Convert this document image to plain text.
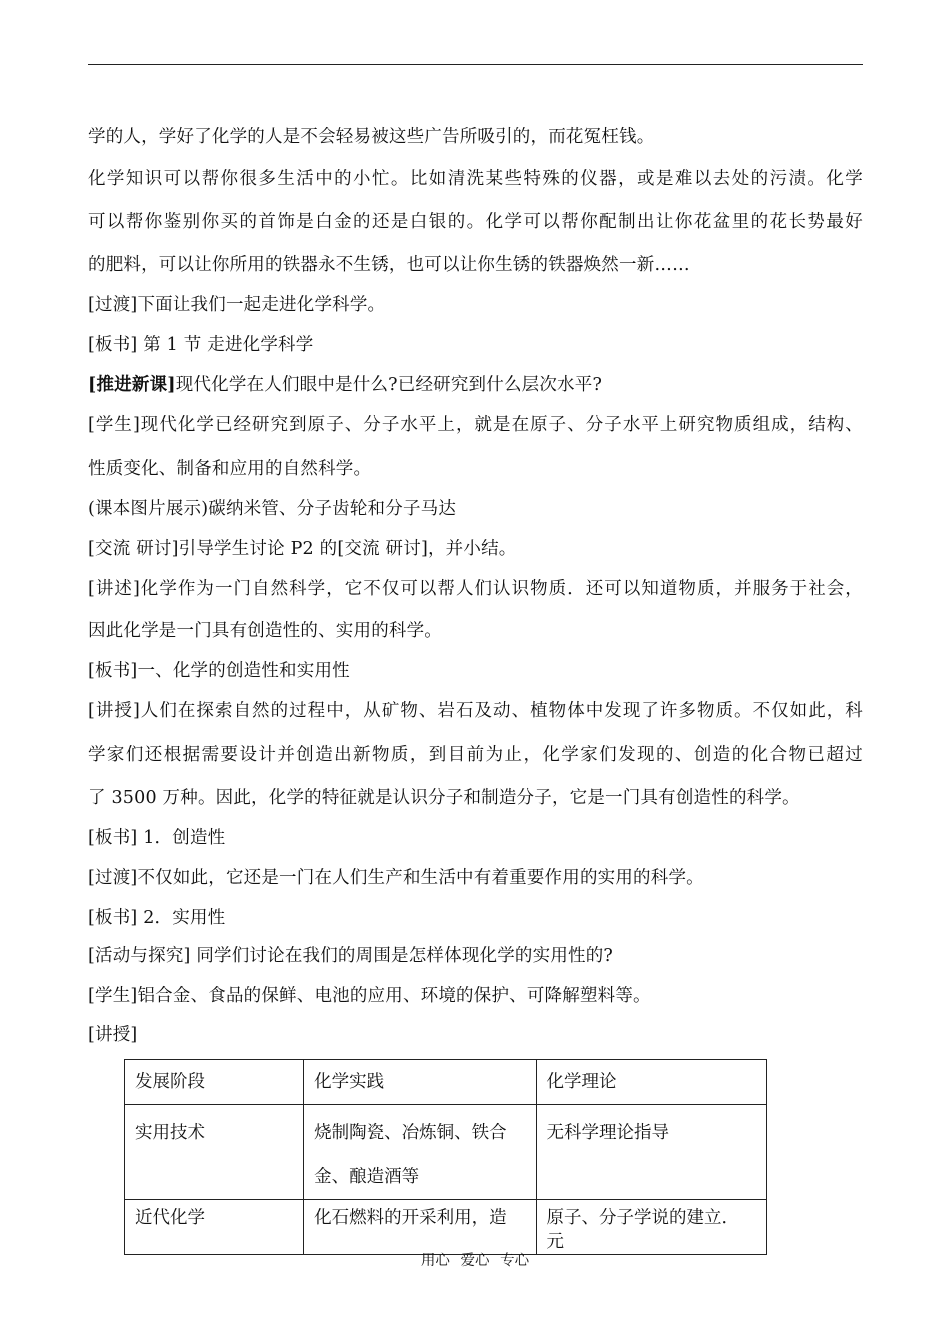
学的人，学好了化学的人是不会轻易被这些广告所吸引的，而花冤枉钱。
化学知识可以帮你很多生活中的小忙。比如清洗某些特殊的仪器，或是难以去处的污渍。化学
可以帮你鉴别你买的首饰是白金的还是白银的。化学可以帮你配制出让你花盆里的花长势最好
的肥料，可以让你所用的铁器永不生锈，也可以让你生锈的铁器焕然一新……
[过渡]下面让我们一起走进化学科学。
[板书] 第 1 节 走进化学科学
[推进新课]现代化学在人们眼中是什么?已经研究到什么层次水平?
[学生]现代化学已经研究到原子、分子水平上，就是在原子、分子水平上研究物质组成，结构、
性质变化、制备和应用的自然科学。
(课本图片展示)碳纳米管、分子齿轮和分子马达
[交流 研讨]引导学生讨论 P2 的[交流 研讨]，并小结。
[讲述]化学作为一门自然科学，它不仅可以帮人们认识物质．还可以知道物质，并服务于社会，
因此化学是一门具有创造性的、实用的科学。
[板书]一、化学的创造性和实用性
[讲授]人们在探索自然的过程中，从矿物、岩石及动、植物体中发现了许多物质。不仅如此，科
学家们还根据需要设计并创造出新物质，到目前为止，化学家们发现的、创造的化合物已超过
了 3500 万种。因此，化学的特征就是认识分子和制造分子，它是一门具有创造性的科学。
[板书] 1．创造性
[过渡]不仅如此，它还是一门在人们生产和生活中有着重要作用的实用的科学。
[板书] 2．实用性
[活动与探究] 同学们讨论在我们的周围是怎样体现化学的实用性的?
[学生]铝合金、食品的保鲜、电池的应用、环境的保护、可降解塑料等。
[讲授]
发展阶段	化学实践	化学理论
实用技术	烧制陶瓷、冶炼铜、铁合金、酿造酒等	无科学理论指导
近代化学	化石燃料的开采利用，造	原子、分子学说的建立．元
用心 爱心 专心
